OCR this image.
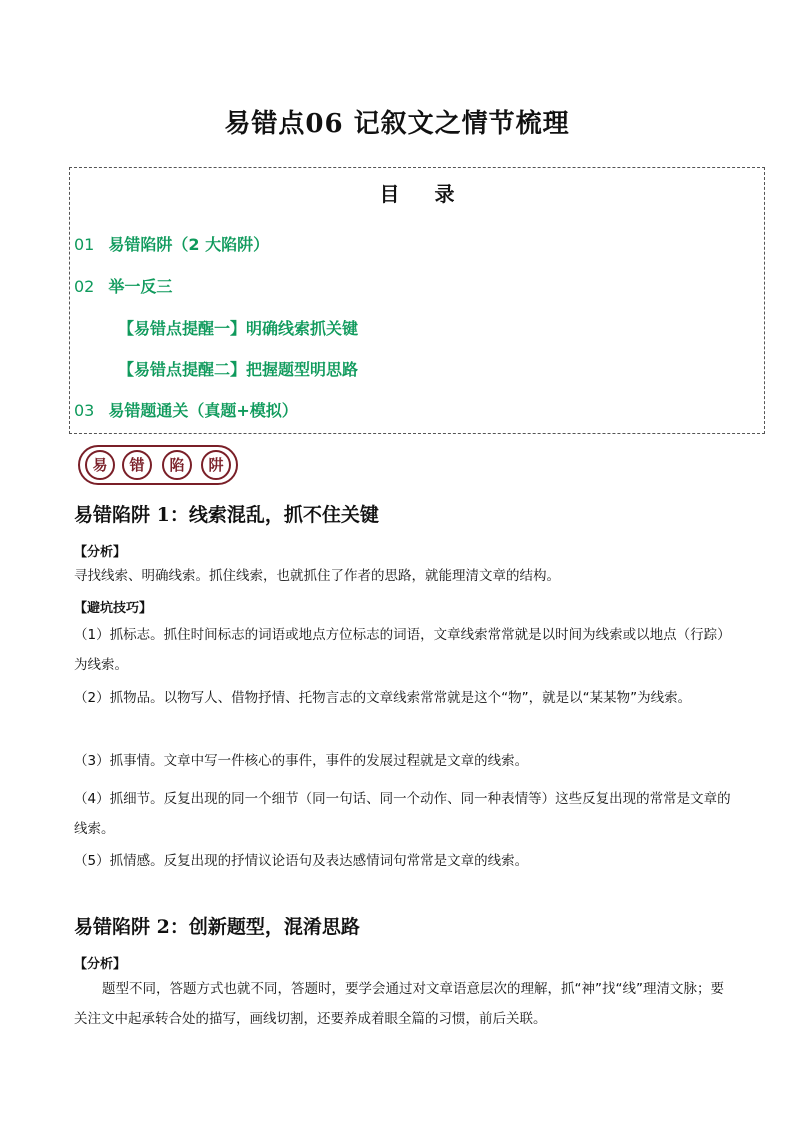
易错点06 记叙文之情节梳理
目 录
01 易错陷阱（2 大陷阱）
02 举一反三
【易错点提醒一】明确线索抓关键
【易错点提醒二】把握题型明思路
03 易错题通关（真题+模拟）
易	错	陷	阱
易错陷阱 1：线索混乱，抓不住关键
【分析】
寻找线索、明确线索。抓住线索，也就抓住了作者的思路，就能理清文章的结构。
【避坑技巧】
（1）抓标志。抓住时间标志的词语或地点方位标志的词语，文章线索常常就是以时间为线索或以地点（行踪）为线索。
（2）抓物品。以物写人、借物抒情、托物言志的文章线索常常就是这个“物”，就是以“某某物”为线索。
（3）抓事情。文章中写一件核心的事件，事件的发展过程就是文章的线索。
（4）抓细节。反复出现的同一个细节（同一句话、同一个动作、同一种表情等）这些反复出现的常常是文章的线索。
（5）抓情感。反复出现的抒情议论语句及表达感情词句常常是文章的线索。
易错陷阱 2：创新题型，混淆思路
【分析】
题型不同，答题方式也就不同，答题时，要学会通过对文章语意层次的理解，抓“神”找“线”理清文脉；要关注文中起承转合处的描写，画线切割，还要养成着眼全篇的习惯，前后关联。
